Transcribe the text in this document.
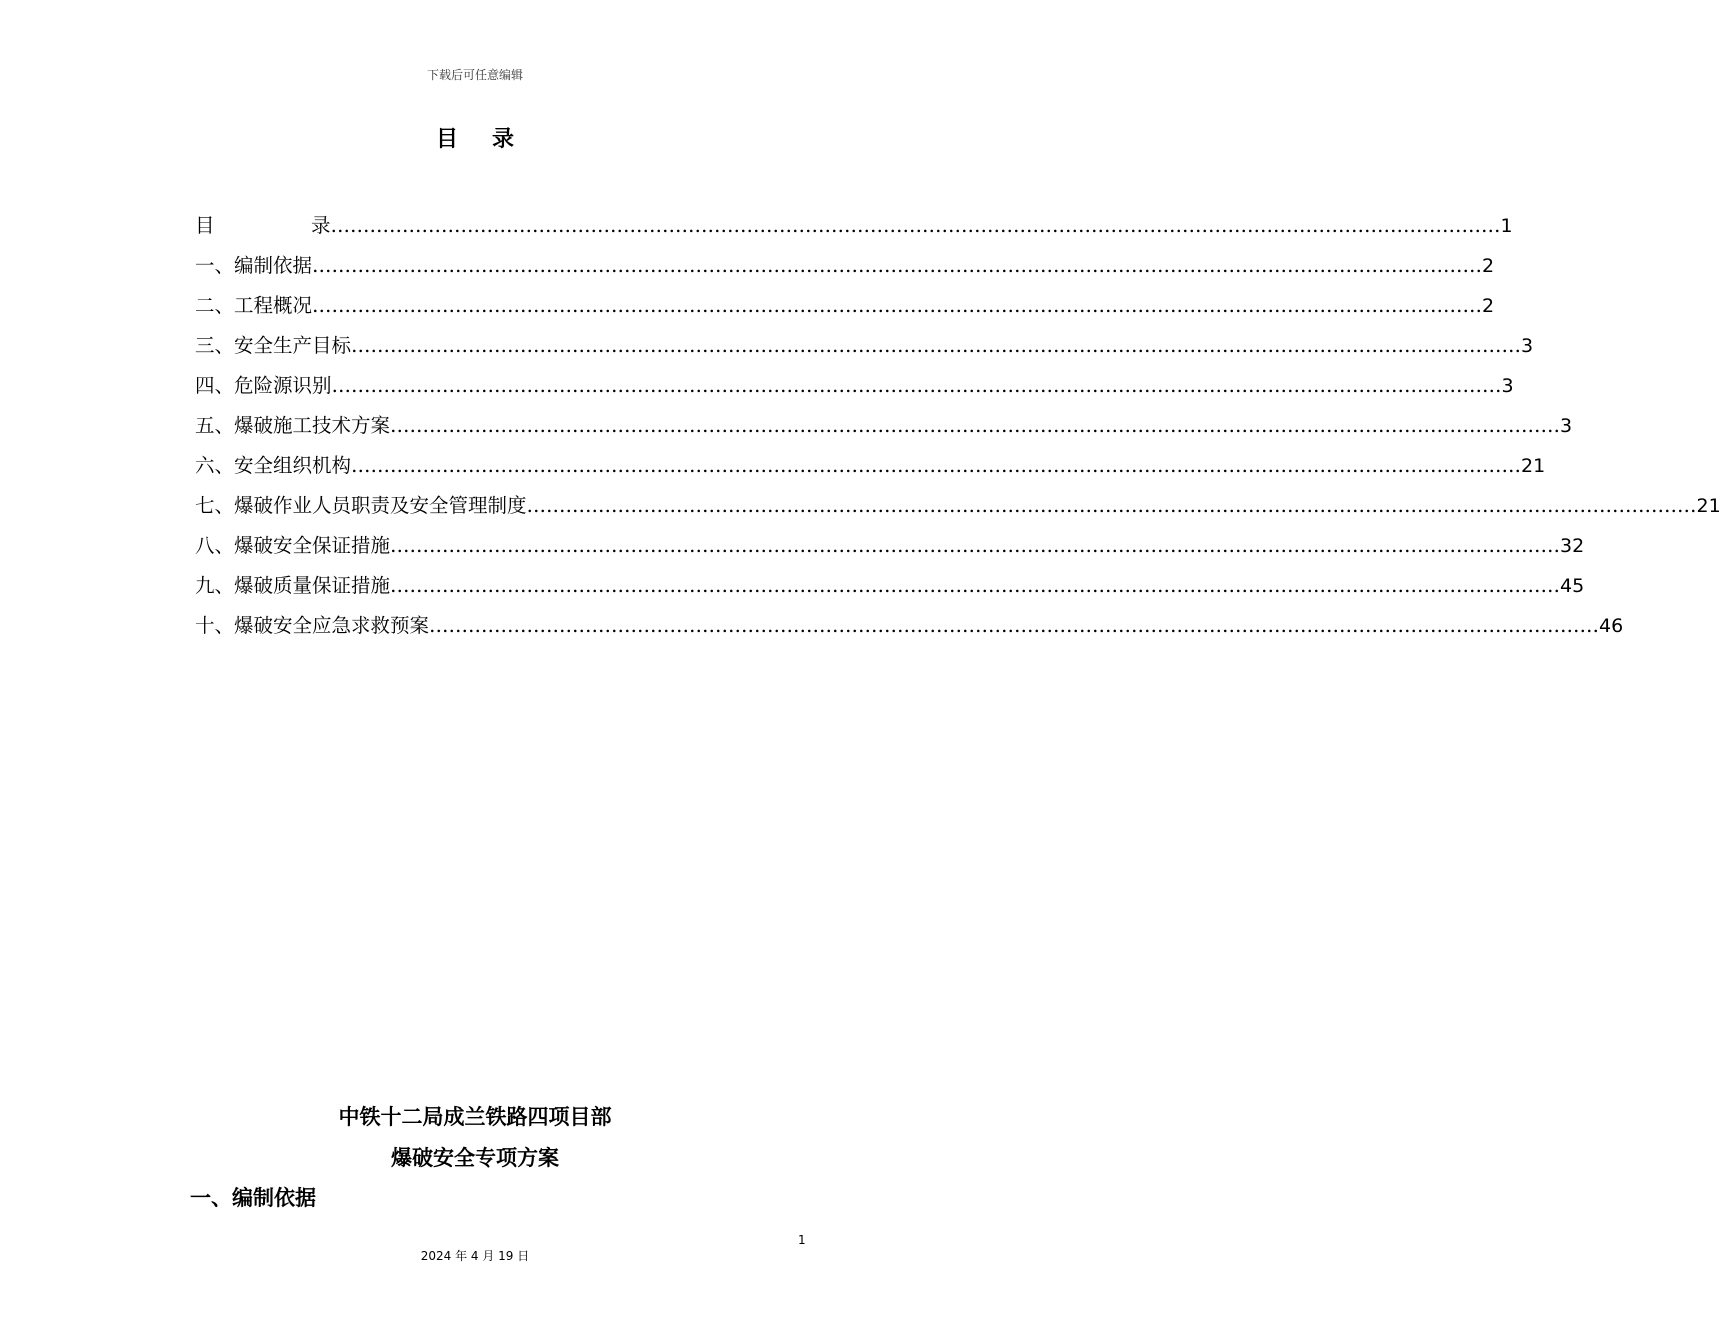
下载后可任意编辑
目 录
目	录 ……………………………………………………………………………………………………………………………………………………………… 1
一、编制依据 ……………………………………………………………………………………………………………………………………………………………… 2
二、工程概况 ……………………………………………………………………………………………………………………………………………………………… 2
三、安全生产目标 ……………………………………………………………………………………………………………………………………………………………… 3
四、危险源识别 ……………………………………………………………………………………………………………………………………………………………… 3
五、爆破施工技术方案 ……………………………………………………………………………………………………………………………………………………………… 3
六、安全组织机构 ……………………………………………………………………………………………………………………………………………………………… 21
七、爆破作业人员职责及安全管理制度 ……………………………………………………………………………………………………………………………………………………………… 21
八、爆破安全保证措施 ……………………………………………………………………………………………………………………………………………………………… 32
九、爆破质量保证措施 ……………………………………………………………………………………………………………………………………………………………… 45
十、爆破安全应急求救预案 ……………………………………………………………………………………………………………………………………………………………… 46
中铁十二局成兰铁路四项目部
爆破安全专项方案
一、编制依据
1
2024 年 4 月 19 日
